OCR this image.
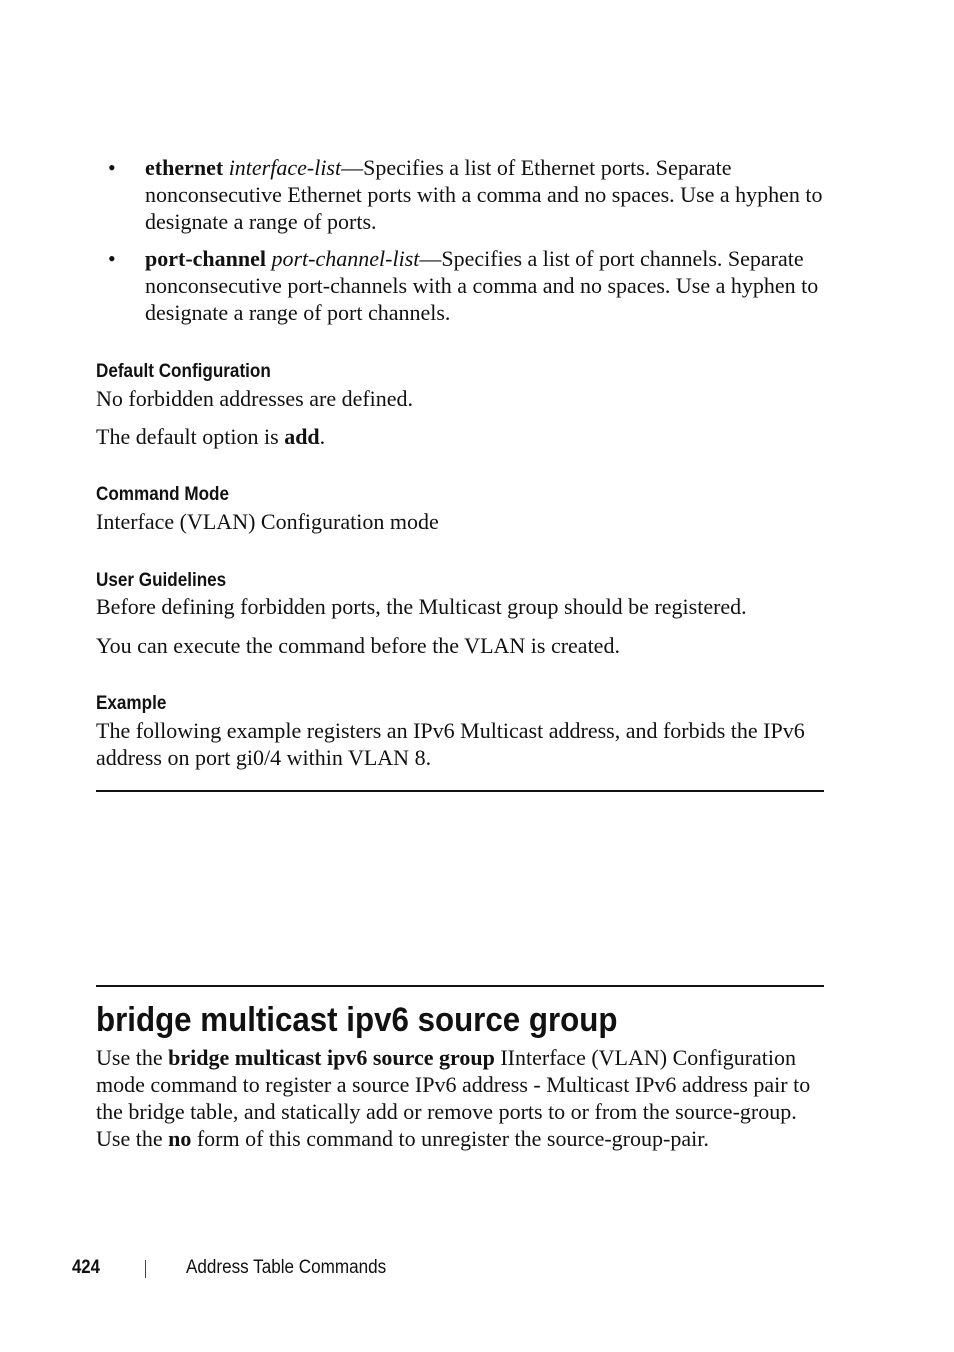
•	ethernet interface-list—Specifies a list of Ethernet ports. Separate nonconsecutive Ethernet ports with a comma and no spaces. Use a hyphen to designate a range of ports.
•	port-channel port-channel-list—Specifies a list of port channels. Separate nonconsecutive port-channels with a comma and no spaces. Use a hyphen to designate a range of port channels.
Default Configuration
No forbidden addresses are defined.
The default option is add.
Command Mode
Interface (VLAN) Configuration mode
User Guidelines
Before defining forbidden ports, the Multicast group should be registered.
You can execute the command before the VLAN is created.
Example
The following example registers an IPv6 Multicast address, and forbids the IPv6 address on port gi0/4 within VLAN 8.
bridge multicast ipv6 source group
Use the bridge multicast ipv6 source group IInterface (VLAN) Configuration mode command to register a source IPv6 address - Multicast IPv6 address pair to the bridge table, and statically add or remove ports to or from the source-group. Use the no form of this command to unregister the source-group-pair.
424	Address Table Commands
